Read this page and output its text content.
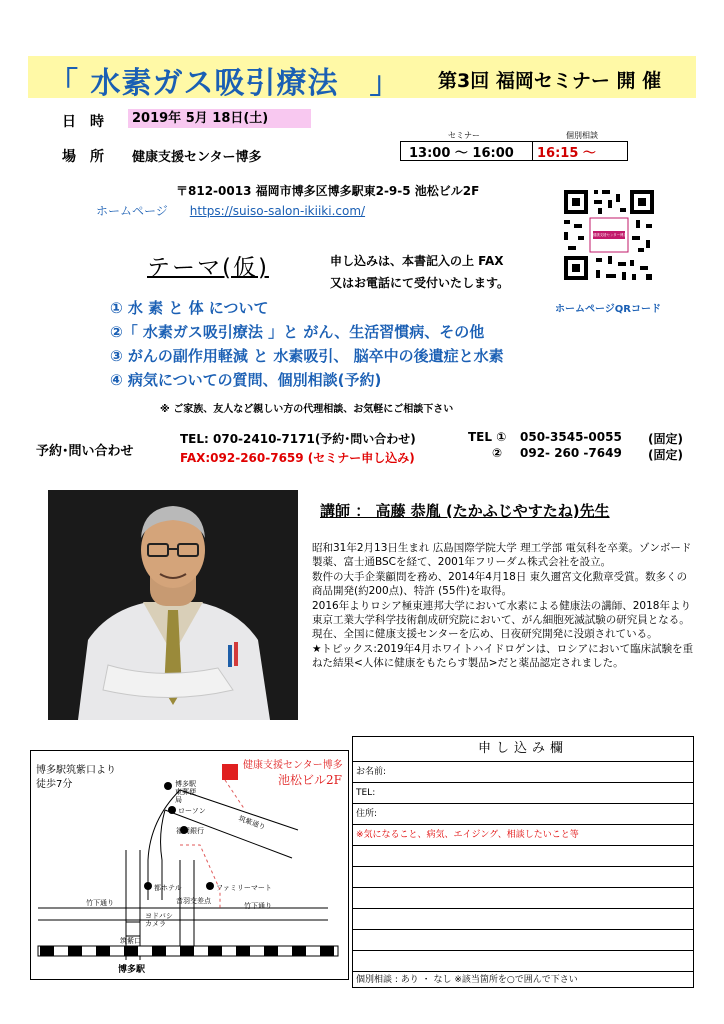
「 水素ガス吸引療法　」 第3回 福岡セミナー 開 催
日時	2019年 5月 18日(土)
場所 健康支援センター博多
セミナー	個別相談
13:00 ～ 16:00	16:15 ～
〒812-0013 福岡市博多区博多駅東2-9-5 池松ビル2F
ホームページ https://suiso-salon-ikiiki.com/
健康支援センター博多
ホームページQRコード
テーマ(仮)	申し込みは、本書記入の上 FAX
又はお電話にて受付いたします。
① 水 素 と 体 について
②「 水素ガス吸引療法 」と がん、生活習慣病、その他
③ がんの副作用軽減 と 水素吸引、 脳卒中の後遺症と水素
④ 病気についての質問、個別相談(予約)
※ ご家族、友人など親しい方の代理相談、お気軽にご相談下さい
予約･問い合わせ
TEL: 070-2410-7171(予約･問い合わせ)
FAX:092-260-7659 (セミナー申し込み)
TEL ① 050-3545-0055 (固定)
② 092- 260 -7649 (固定)
講師 ： 高藤 恭胤 (たかふじやすたね)先生

昭和31年2月13日生まれ 広島国際学院大学 理工学部 電気科を卒業。ゾンボード製薬、富士通BSCを経て、2001年フリーダム株式会社を設立。

数件の大手企業顧問を務め、2014年4月18日 東久邇宮文化勲章受賞。数多くの商品開発(約200点)、特許 (55件)を取得。

2016年よりロシア極東連邦大学において水素による健康法の講師、2018年より東京工業大学科学技術創成研究院において、がん細胞死滅試験の研究員となる。

現在、全国に健康支援センターを広め、日夜研究開発に没頭されている。

★トピックス:2019年4月ホワイトハイドロゲンは、ロシアにおいて臨床試験を重ねた結果<人体に健康をもたらす製品>だと薬品認定されました。

博多駅筑紫口より
徒歩7分
健康支援センター博多
池松ビル2F
博多駅東郵便局
ローソン
福岡銀行	筑紫通り
都ホテル	ファミリーマート
音羽交差点
竹下通り	竹下通り
ヨドバシカメラ
筑紫口
博多駅
申し込み欄
お名前:
TEL:
住所:
※気になること、病気、エイジング、相談したいこと等
個別相談 : あり ・ なし ※該当箇所を○で囲んで下さい
